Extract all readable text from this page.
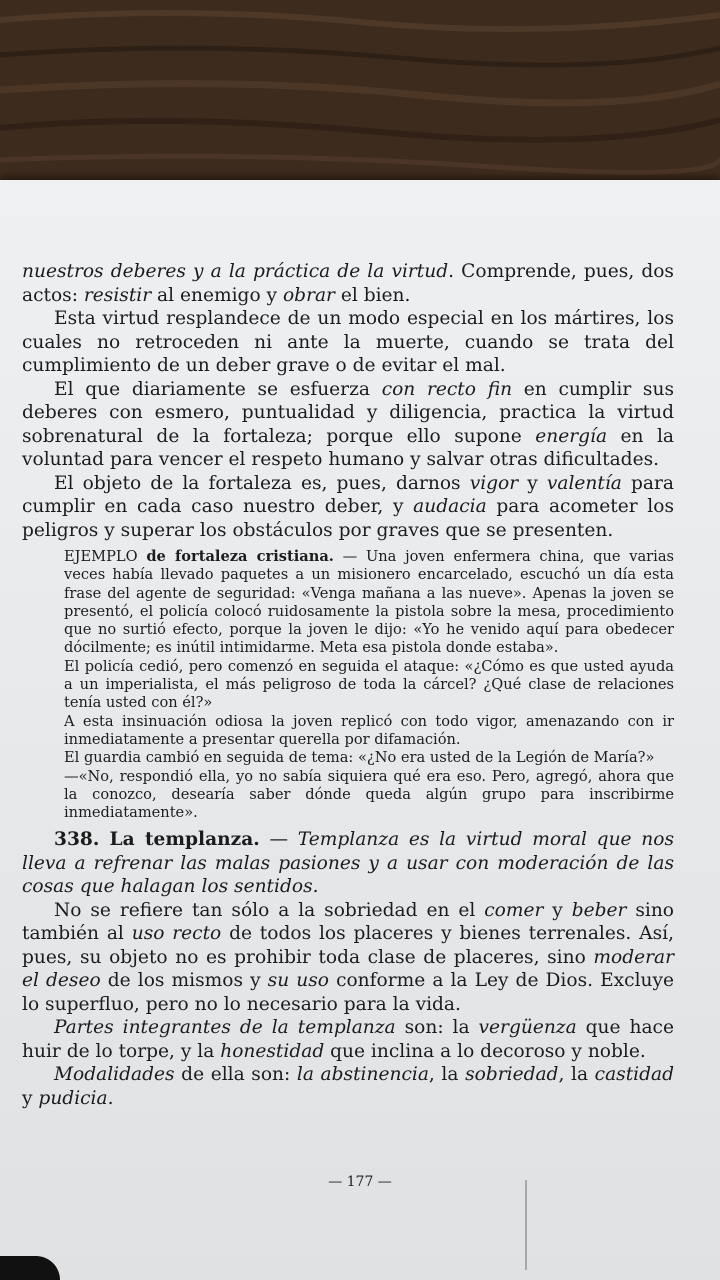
nuestros deberes y a la práctica de la virtud. Comprende, pues, dos actos: resistir al enemigo y obrar el bien.

Esta virtud resplandece de un modo especial en los mártires, los cuales no retroceden ni ante la muerte, cuando se trata del cumplimiento de un deber grave o de evitar el mal.

El que diariamente se esfuerza con recto fin en cumplir sus deberes con esmero, puntualidad y diligencia, practica la virtud sobrenatural de la fortaleza; porque ello supone energía en la voluntad para vencer el respeto humano y salvar otras dificultades.

El objeto de la fortaleza es, pues, darnos vigor y valentía para cumplir en cada caso nuestro deber, y audacia para acometer los peligros y superar los obstáculos por graves que se presenten.

EJEMPLO de fortaleza cristiana. — Una joven enfermera china, que varias veces había llevado paquetes a un misionero encarcelado, escuchó un día esta frase del agente de seguridad: «Venga mañana a las nueve». Apenas la joven se presentó, el policía colocó ruidosamente la pistola sobre la mesa, procedimiento que no surtió efecto, porque la joven le dijo: «Yo he venido aquí para obedecer dócilmente; es inútil intimidarme. Meta esa pistola donde estaba».

El policía cedió, pero comenzó en seguida el ataque: «¿Cómo es que usted ayuda a un imperialista, el más peligroso de toda la cárcel? ¿Qué clase de relaciones tenía usted con él?»

A esta insinuación odiosa la joven replicó con todo vigor, amenazando con ir inmediatamente a presentar querella por difamación.

El guardia cambió en seguida de tema: «¿No era usted de la Legión de María?»

—«No, respondió ella, yo no sabía siquiera qué era eso. Pero, agregó, ahora que la conozco, desearía saber dónde queda algún grupo para inscribirme inmediatamente».

338. La templanza. — Templanza es la virtud moral que nos lleva a refrenar las malas pasiones y a usar con moderación de las cosas que halagan los sentidos.

No se refiere tan sólo a la sobriedad en el comer y beber sino también al uso recto de todos los placeres y bienes terrenales. Así, pues, su objeto no es prohibir toda clase de placeres, sino moderar el deseo de los mismos y su uso conforme a la Ley de Dios. Excluye lo superfluo, pero no lo necesario para la vida.

Partes integrantes de la templanza son: la vergüenza que hace huir de lo torpe, y la honestidad que inclina a lo decoroso y noble.

Modalidades de ella son: la abstinencia, la sobriedad, la castidad y pudicia.

— 177 —
